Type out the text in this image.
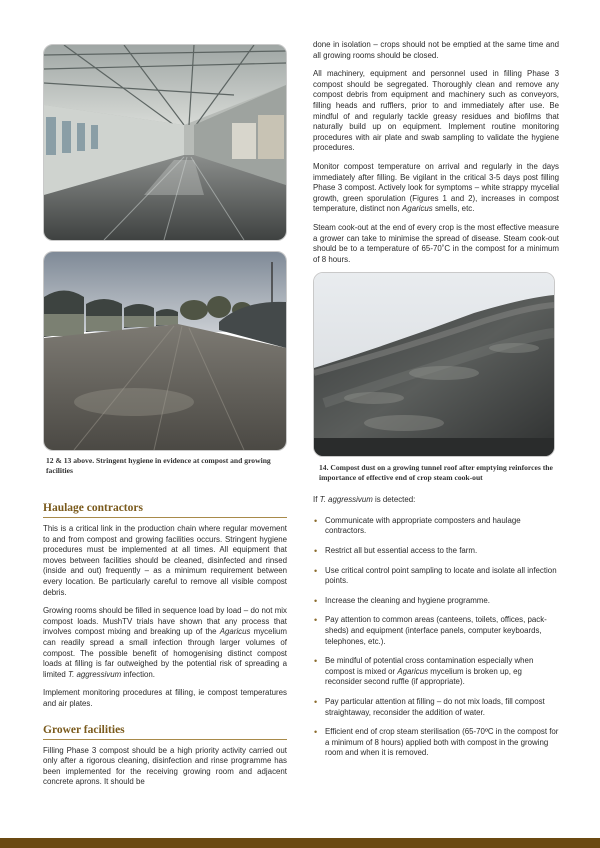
12 & 13 above. Stringent hygiene in evidence at compost and growing facilities
Haulage contractors

This is a critical link in the production chain where regular movement to and from compost and growing facilities occurs. Stringent hygiene procedures must be implemented at all times. All equipment that moves between facilities should be cleaned, disinfected and rinsed (inside and out) frequently – as a minimum requirement between every location. Be particularly careful to remove all visible compost debris.

Growing rooms should be filled in sequence load by load – do not mix compost loads. MushTV trials have shown that any process that involves compost mixing and breaking up of the Agaricus mycelium can readily spread a small infection through larger volumes of compost. The possible benefit of homogenising distinct compost loads at filling is far outweighed by the potential risk of spreading a limited T. aggressivum infection.

Implement monitoring procedures at filling, ie compost temperatures and air plates.

Grower facilities

Filling Phase 3 compost should be a high priority activity carried out only after a rigorous cleaning, disinfection and rinse programme has been implemented for the receiving growing room and adjacent concrete aprons. It should be

done in isolation – crops should not be emptied at the same time and all growing rooms should be closed.

All machinery, equipment and personnel used in filling Phase 3 compost should be segregated. Thoroughly clean and remove any compost debris from equipment and machinery such as conveyors, filling heads and rufflers, prior to and immediately after use. Be mindful of and regularly tackle greasy residues and biofilms that naturally build up on equipment. Implement routine monitoring procedures with air plate and swab sampling to validate the hygiene procedures.

Monitor compost temperature on arrival and regularly in the days immediately after filling. Be vigilant in the critical 3-5 days post filling Phase 3 compost. Actively look for symptoms – white strappy mycelial growth, green sporulation (Figures 1 and 2), increases in compost temperature, distinct non Agaricus smells, etc.

Steam cook-out at the end of every crop is the most effective measure a grower can take to minimise the spread of disease. Steam cook-out should be to a temperature of 65-70˚C in the compost for a minimum of 8 hours.

14. Compost dust on a growing tunnel roof after emptying reinforces the importance of effective end of crop steam cook-out

If T. aggressivum is detected:

• Communicate with appropriate composters and haulage contractors.
• Restrict all but essential access to the farm.
• Use critical control point sampling to locate and isolate all infection points.
• Increase the cleaning and hygiene programme.
• Pay attention to common areas (canteens, toilets, offices, pack-sheds) and equipment (interface panels, computer keyboards, telephones, etc.).
• Be mindful of potential cross contamination especially when compost is mixed or Agaricus mycelium is broken up, eg reconsider second ruffle (if appropriate).
• Pay particular attention at filling – do not mix loads, fill compost straightaway, reconsider the addition of water.
• Efficient end of crop steam sterilisation (65-70ºC in the compost for a minimum of 8 hours) applied both with compost in the growing room and when it is removed.
